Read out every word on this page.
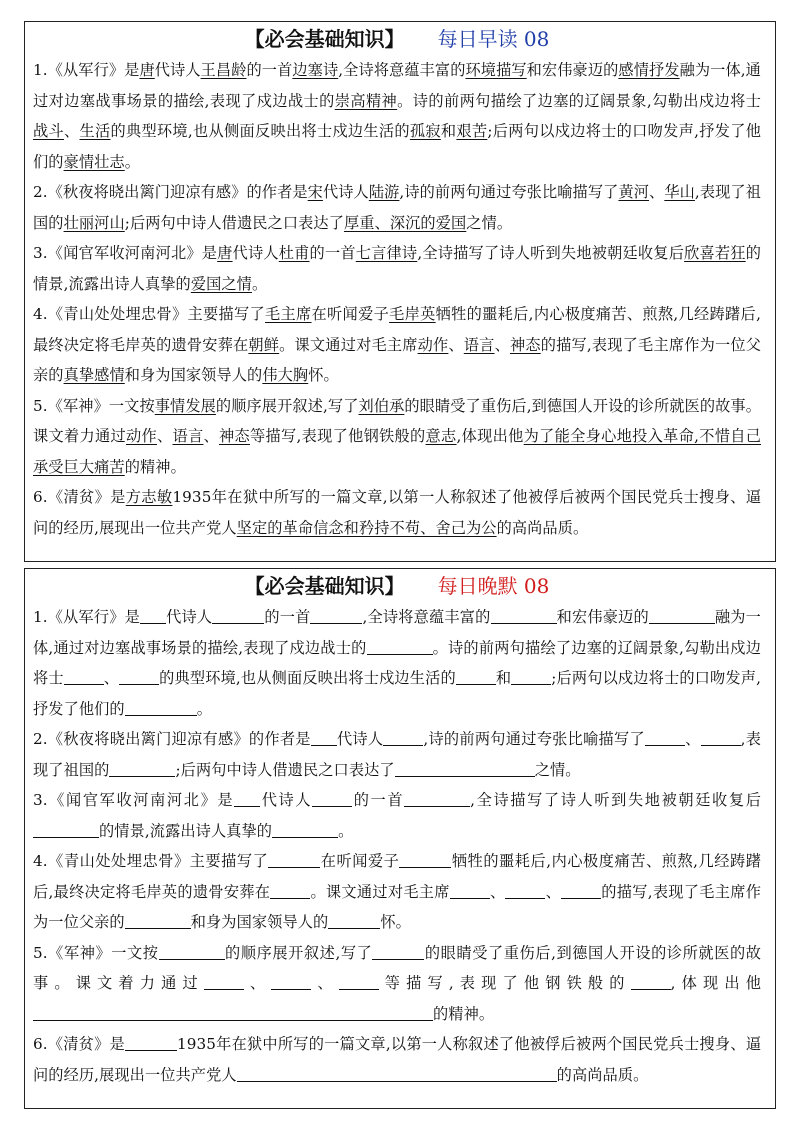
【必会基础知识】 每日早读 08
1.《从军行》是唐代诗人王昌龄的一首边塞诗,全诗将意蕴丰富的环境描写和宏伟豪迈的感情抒发融为一体,通过对边塞战事场景的描绘,表现了戍边战士的崇高精神。诗的前两句描绘了边塞的辽阔景象,勾勒出戍边将士战斗、生活的典型环境,也从侧面反映出将士戍边生活的孤寂和艰苦;后两句以戍边将士的口吻发声,抒发了他们的豪情壮志。
2.《秋夜将晓出篱门迎凉有感》的作者是宋代诗人陆游,诗的前两句通过夸张比喻描写了黄河、华山,表现了祖国的壮丽河山;后两句中诗人借遗民之口表达了厚重、深沉的爱国之情。
3.《闻官军收河南河北》是唐代诗人杜甫的一首七言律诗,全诗描写了诗人听到失地被朝廷收复后欣喜若狂的情景,流露出诗人真挚的爱国之情。
4.《青山处处埋忠骨》主要描写了毛主席在听闻爱子毛岸英牺牲的噩耗后,内心极度痛苦、煎熬,几经踌躇后,最终决定将毛岸英的遗骨安葬在朝鲜。课文通过对毛主席动作、语言、神态的描写,表现了毛主席作为一位父亲的真挚感情和身为国家领导人的伟大胸怀。
5.《军神》一文按事情发展的顺序展开叙述,写了刘伯承的眼睛受了重伤后,到德国人开设的诊所就医的故事。课文着力通过动作、语言、神态等描写,表现了他钢铁般的意志,体现出他为了能全身心地投入革命,不惜自己承受巨大痛苦的精神。
6.《清贫》是方志敏1935年在狱中所写的一篇文章,以第一人称叙述了他被俘后被两个国民党兵士搜身、逼问的经历,展现出一位共产党人坚定的革命信念和矜持不苟、舍己为公的高尚品质。
【必会基础知识】 每日晚默 08
1.《从军行》是 代诗人	的一首	,全诗将意蕴丰富的	和宏伟豪迈的	融为一体,通过对边塞战事场景的描绘,表现了戍边战士的	。诗的前两句描绘了边塞的辽阔景象,勾勒出戍边将士	、	的典型环境,也从侧面反映出将士戍边生活的	和	;后两句以戍边将士的口吻发声,抒发了他们的	。
2.《秋夜将晓出篱门迎凉有感》的作者是 代诗人	,诗的前两句通过夸张比喻描写了	、	,表现了祖国的	;后两句中诗人借遗民之口表达了	之情。
3.《闻官军收河南河北》是 代诗人	的一首	,全诗描写了诗人听到失地被朝廷收复后的情景,流露出诗人真挚的	。
4.《青山处处埋忠骨》主要描写了	在听闻爱子	牺牲的噩耗后,内心极度痛苦、煎熬,几经踌躇后,最终决定将毛岸英的遗骨安葬在	。课文通过对毛主席	、	、	的描写,表现了毛主席作为一位父亲的	和身为国家领导人的	怀。
5.《军神》一文按	的顺序展开叙述,写了	的眼睛受了重伤后,到德国人开设的诊所就医的故事。课文着力通过	、	、	等描写,表现了他钢铁般的	,体现出他的精神。
6.《清贫》是	1935年在狱中所写的一篇文章,以第一人称叙述了他被俘后被两个国民党兵士搜身、逼问的经历,展现出一位共产党人	的高尚品质。
